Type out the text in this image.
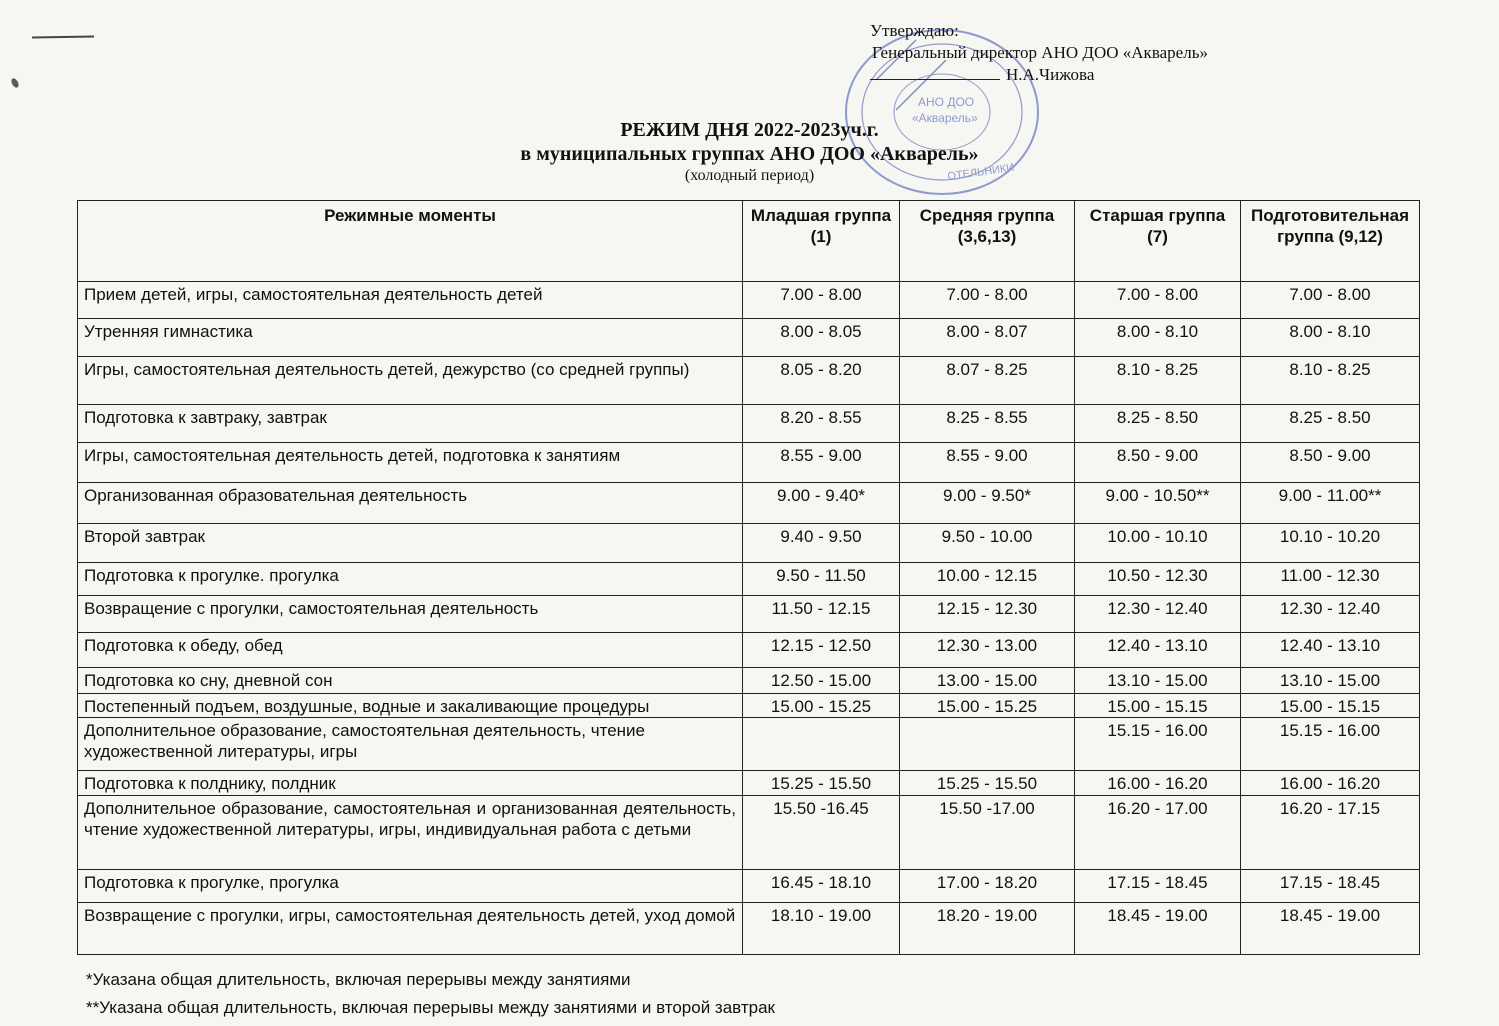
АНО ДОО
«Акварель»
ОТЕЛЬНИКИ
Утверждаю:
Генеральный директор АНО ДОО «Акварель»
Н.А.Чижова
РЕЖИМ ДНЯ 2022-2023уч.г.
в муниципальных группах АНО ДОО «Акварель»
(холодный период)
Режимные моменты	Младшая группа (1)	Средняя группа (3,6,13)	Старшая группа (7)	Подготовительная группа (9,12)
Прием детей, игры, самостоятельная деятельность детей	7.00 - 8.00	7.00 - 8.00	7.00 - 8.00	7.00 - 8.00
Утренняя гимнастика	8.00 - 8.05	8.00 - 8.07	8.00 - 8.10	8.00 - 8.10
Игры, самостоятельная деятельность детей, дежурство (со средней группы)	8.05 - 8.20	8.07 - 8.25	8.10 - 8.25	8.10 - 8.25
Подготовка к завтраку, завтрак	8.20 - 8.55	8.25 - 8.55	8.25 - 8.50	8.25 - 8.50
Игры, самостоятельная деятельность детей, подготовка к занятиям	8.55 - 9.00	8.55 - 9.00	8.50 - 9.00	8.50 - 9.00
Организованная образовательная деятельность	9.00 - 9.40*	9.00 - 9.50*	9.00 - 10.50**	9.00 - 11.00**
Второй завтрак	9.40 - 9.50	9.50 - 10.00	10.00 - 10.10	10.10 - 10.20
Подготовка к прогулке. прогулка	9.50 - 11.50	10.00 - 12.15	10.50 - 12.30	11.00 - 12.30
Возвращение с прогулки, самостоятельная деятельность	11.50 - 12.15	12.15 - 12.30	12.30 - 12.40	12.30 - 12.40
Подготовка к обеду, обед	12.15 - 12.50	12.30 - 13.00	12.40 - 13.10	12.40 - 13.10
Подготовка ко сну, дневной сон	12.50 - 15.00	13.00 - 15.00	13.10 - 15.00	13.10 - 15.00
Постепенный подъем, воздушные, водные и закаливающие процедуры	15.00 - 15.25	15.00 - 15.25	15.00 - 15.15	15.00 - 15.15
Дополнительное образование, самостоятельная деятельность, чтение художественной литературы, игры			15.15 - 16.00	15.15 - 16.00
Подготовка к полднику, полдник	15.25 - 15.50	15.25 - 15.50	16.00 - 16.20	16.00 - 16.20
Дополнительное образование, самостоятельная и организованная деятельность, чтение художественной литературы, игры, индивидуальная работа с детьми	15.50 -16.45	15.50 -17.00	16.20 - 17.00	16.20 - 17.15
Подготовка к прогулке, прогулка	16.45 - 18.10	17.00 - 18.20	17.15 - 18.45	17.15 - 18.45
Возвращение с прогулки, игры, самостоятельная деятельность детей, уход домой	18.10 - 19.00	18.20 - 19.00	18.45 - 19.00	18.45 - 19.00
*Указана общая длительность, включая перерывы между занятиями
**Указана общая длительность, включая перерывы между занятиями и второй завтрак
